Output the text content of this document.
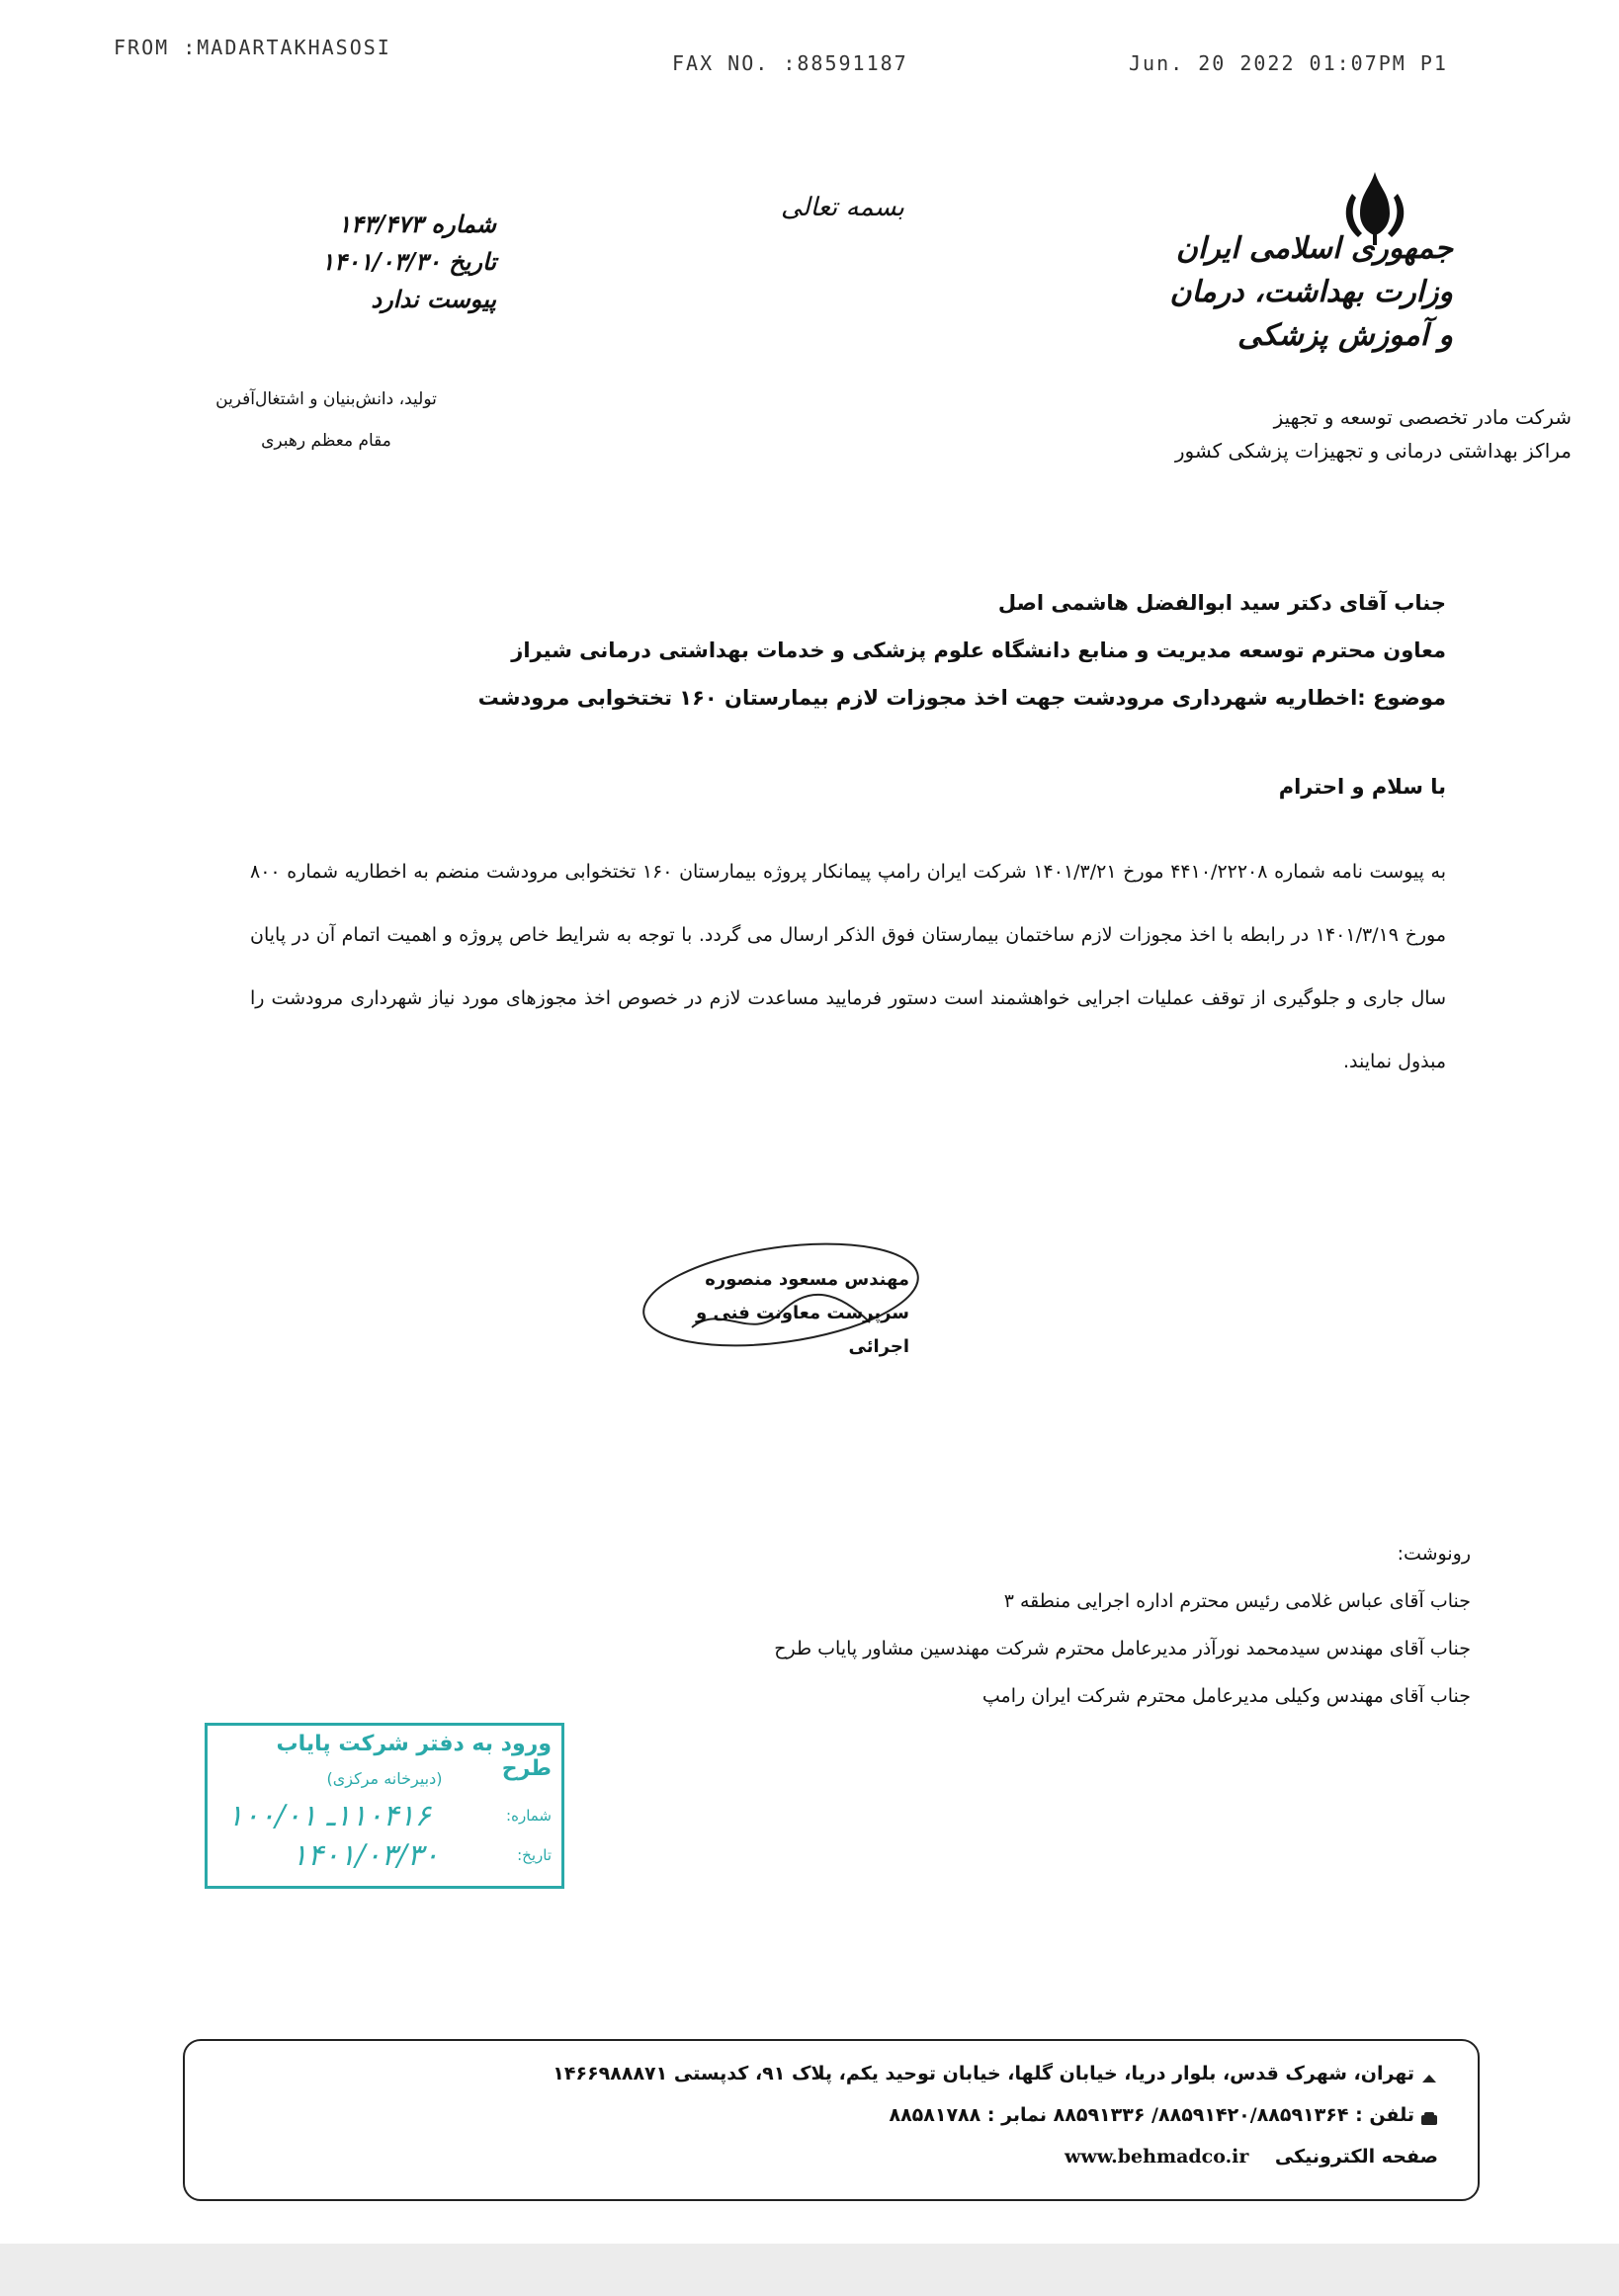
FROM :MADARTAKHASOSI
FAX NO. :88591187	Jun. 20 2022 01:07PM P1
بسمه تعالی
جمهوری اسلامی ایران
وزارت بهداشت، درمان و آموزش پزشکی
شرکت مادر تخصصی توسعه و تجهیز
مراکز بهداشتی درمانی و تجهیزات پزشکی کشور
شماره ۱۴۳/۴۷۳
تاریخ ۱۴۰۱/۰۳/۳۰
پیوست ندارد
تولید، دانش‌بنیان و اشتغال‌آفرین
مقام معظم رهبری
جناب آقای دکتر سید ابوالفضل هاشمی اصل
معاون محترم توسعه مدیریت و منابع دانشگاه علوم پزشکی و خدمات بهداشتی درمانی شیراز
موضوع :اخطاریه شهرداری مرودشت جهت اخذ مجوزات لازم بیمارستان ۱۶۰ تختخوابی مرودشت
با سلام و احترام
به پیوست نامه شماره ۴۴۱۰/۲۲۲۰۸ مورخ ۱۴۰۱/۳/۲۱ شرکت ایران رامپ پیمانکار پروژه بیمارستان ۱۶۰ تختخوابی مرودشت منضم به اخطاریه شماره ۸۰۰ مورخ ۱۴۰۱/۳/۱۹ در رابطه با اخذ مجوزات لازم ساختمان بیمارستان فوق الذکر ارسال می گردد. با توجه به شرایط خاص پروژه و اهمیت اتمام آن در پایان سال جاری و جلوگیری از توقف عملیات اجرایی خواهشمند است دستور فرمایید مساعدت لازم در خصوص اخذ مجوزهای مورد نیاز شهرداری مرودشت را مبذول نمایند.
مهندس مسعود منصوره
سرپرست معاونت فنی و اجرائی
رونوشت:
جناب آقای عباس غلامی رئیس محترم اداره اجرایی منطقه ۳
جناب آقای مهندس سیدمحمد نورآذر مدیرعامل محترم شرکت مهندسین مشاور پایاب طرح
جناب آقای مهندس وکیلی مدیرعامل محترم شرکت ایران رامپ
ورود به دفتر شرکت پایاب طرح
(دبیرخانه مرکزی)
شماره:
۱۱۰۴۱۶ـ ۱۰۰/۰۱
تاریخ:
۱۴۰۱/۰۳/۳۰
تهران، شهرک قدس، بلوار دریا، خیابان گلها، خیابان توحید یکم، پلاک ۹۱، کدپستی ۱۴۶۶۹۸۸۸۷۱
تلفن : ۸۸۵۹۱۴۲۰/۸۸۵۹۱۳۶۴/ ۸۸۵۹۱۳۳۶ نمابر : ۸۸۵۸۱۷۸۸
صفحه الکترونیکی    www.behmadco.ir
